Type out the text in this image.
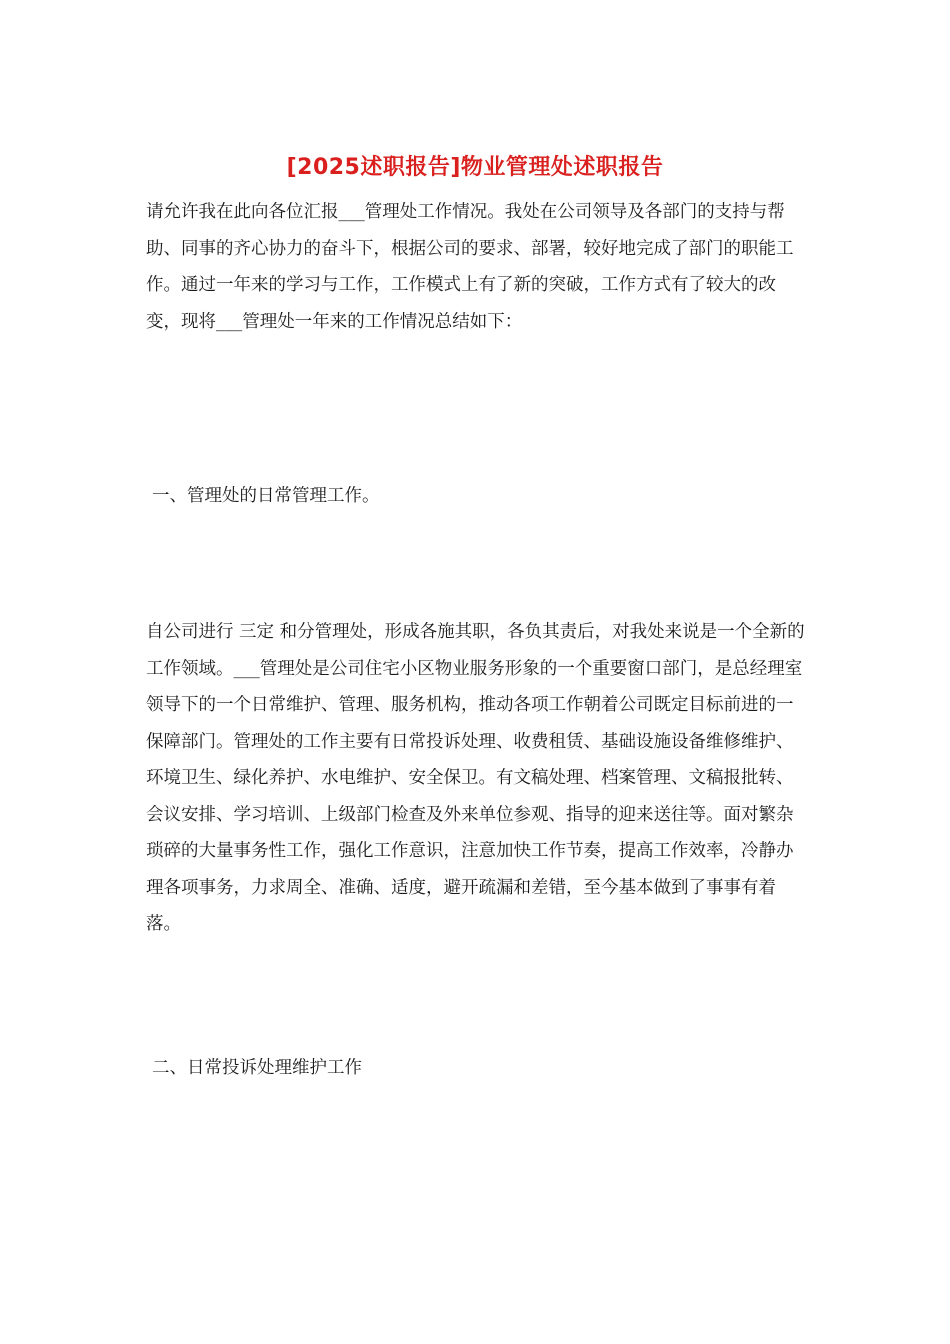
[2025述职报告]物业管理处述职报告

请允许我在此向各位汇报___管理处工作情况。我处在公司领导及各部门的支持与帮助、同事的齐心协力的奋斗下，根据公司的要求、部署，较好地完成了部门的职能工作。通过一年来的学习与工作，工作模式上有了新的突破，工作方式有了较大的改变，现将___管理处一年来的工作情况总结如下：

一、管理处的日常管理工作。

自公司进行 三定 和分管理处，形成各施其职，各负其责后，对我处来说是一个全新的工作领域。___管理处是公司住宅小区物业服务形象的一个重要窗口部门，是总经理室领导下的一个日常维护、管理、服务机构，推动各项工作朝着公司既定目标前进的一保障部门。管理处的工作主要有日常投诉处理、收费租赁、基础设施设备维修维护、环境卫生、绿化养护、水电维护、安全保卫。有文稿处理、档案管理、文稿报批转、会议安排、学习培训、上级部门检查及外来单位参观、指导的迎来送往等。面对繁杂琐碎的大量事务性工作，强化工作意识，注意加快工作节奏，提高工作效率，冷静办理各项事务，力求周全、准确、适度，避开疏漏和差错，至今基本做到了事事有着落。

二、日常投诉处理维护工作
